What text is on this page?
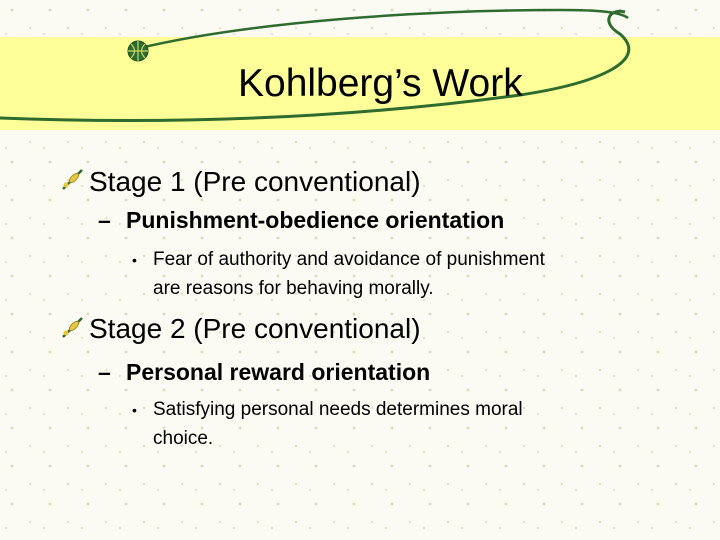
Kohlberg’s Work
Stage 1 (Pre conventional)
– Punishment-obedience orientation
• Fear of authority and avoidance of punishment
are reasons for behaving morally.
Stage 2 (Pre conventional)
– Personal reward orientation
• Satisfying personal needs determines moral
choice.
